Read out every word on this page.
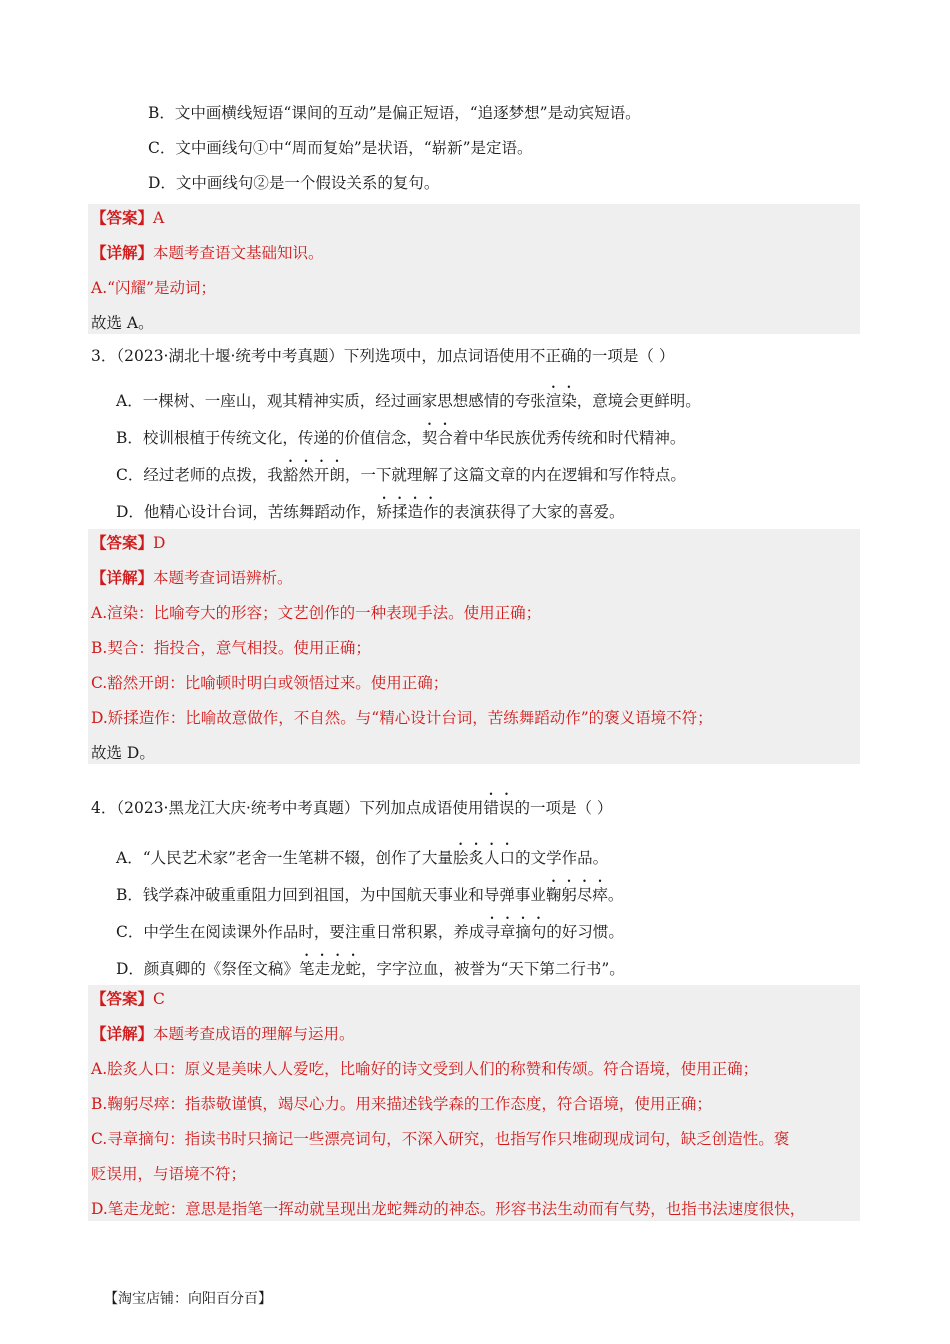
B．文中画横线短语“课间的互动”是偏正短语，“追逐梦想”是动宾短语。
C．文中画线句①中“周而复始”是状语，“崭新”是定语。
D．文中画线句②是一个假设关系的复句。
【答案】A
【详解】本题考查语文基础知识。
A.“闪耀”是动词；
故选 A。
3．（2023·湖北十堰·统考中考真题）下列选项中，加点词语使用不正确的一项是（ ）
A．一棵树、一座山，观其精神实质，经过画家思想感情的夸张渲染，意境会更鲜明。
B．校训根植于传统文化，传递的价值信念，契合着中华民族优秀传统和时代精神。
C．经过老师的点拨，我豁然开朗，一下就理解了这篇文章的内在逻辑和写作特点。
D．他精心设计台词，苦练舞蹈动作，矫揉造作的表演获得了大家的喜爱。
【答案】D
【详解】本题考查词语辨析。
A.渲染：比喻夸大的形容；文艺创作的一种表现手法。使用正确；
B.契合：指投合，意气相投。使用正确；
C.豁然开朗：比喻顿时明白或领悟过来。使用正确；
D.矫揉造作：比喻故意做作，不自然。与“精心设计台词，苦练舞蹈动作”的褒义语境不符；
故选 D。
4．（2023·黑龙江大庆·统考中考真题）下列加点成语使用错误的一项是（ ）
A．“人民艺术家”老舍一生笔耕不辍，创作了大量脍炙人口的文学作品。
B．钱学森冲破重重阻力回到祖国，为中国航天事业和导弹事业鞠躬尽瘁。
C．中学生在阅读课外作品时，要注重日常积累，养成寻章摘句的好习惯。
D．颜真卿的《祭侄文稿》笔走龙蛇，字字泣血，被誉为“天下第二行书”。
【答案】C
【详解】本题考查成语的理解与运用。
A.脍炙人口：原义是美味人人爱吃，比喻好的诗文受到人们的称赞和传颂。符合语境，使用正确；
B.鞠躬尽瘁：指恭敬谨慎，竭尽心力。用来描述钱学森的工作态度，符合语境，使用正确；
C.寻章摘句：指读书时只摘记一些漂亮词句，不深入研究，也指写作只堆砌现成词句，缺乏创造性。褒
贬误用，与语境不符；
D.笔走龙蛇：意思是指笔一挥动就呈现出龙蛇舞动的神态。形容书法生动而有气势，也指书法速度很快，
【淘宝店铺：向阳百分百】
